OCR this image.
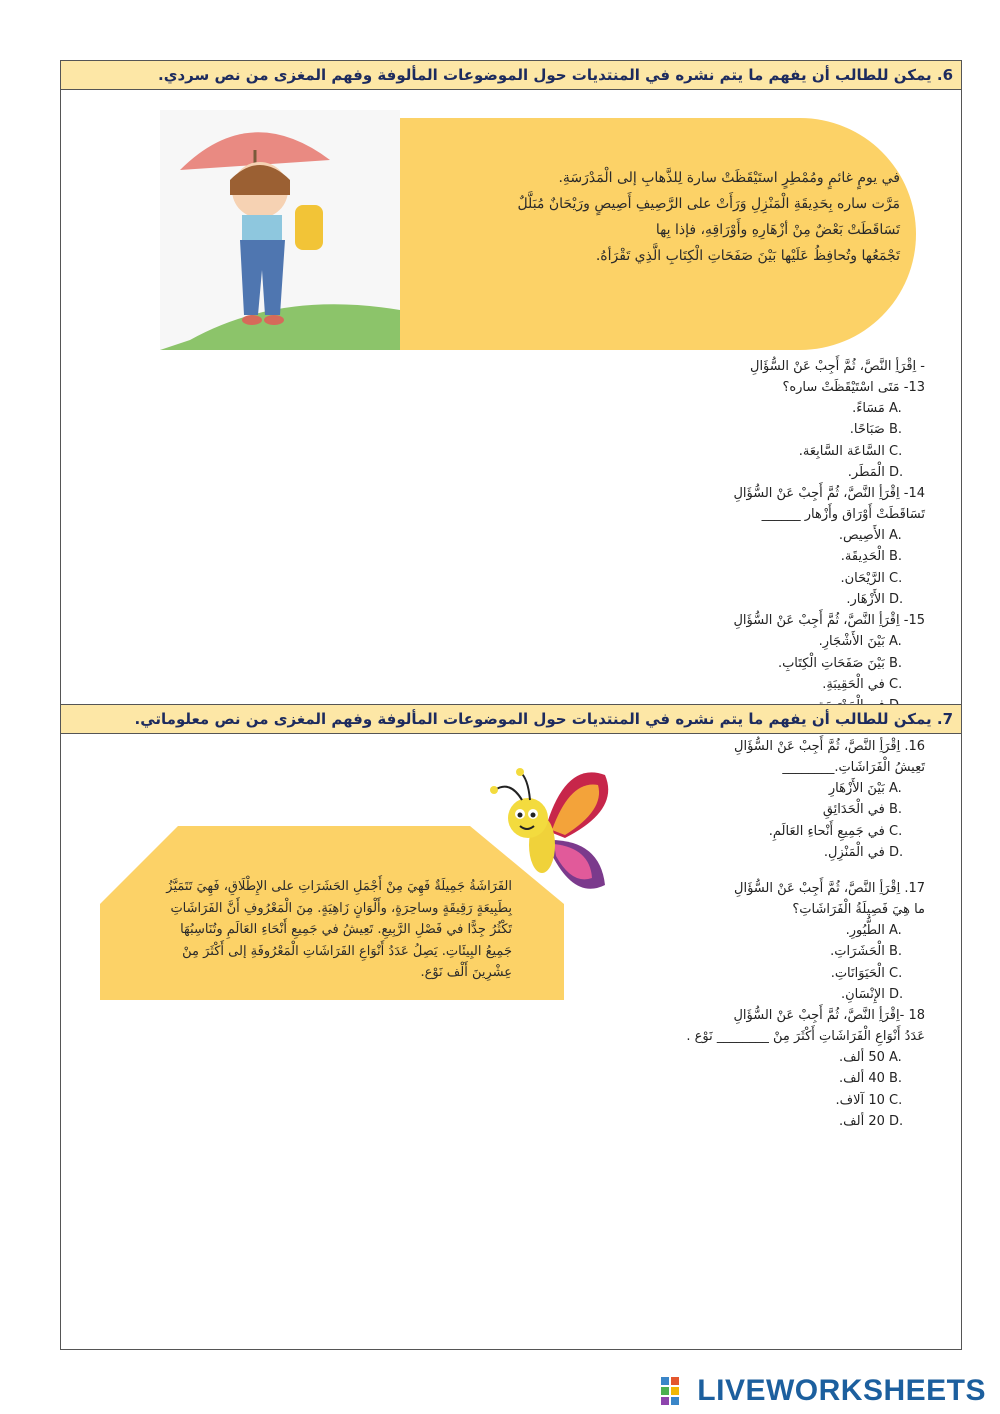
6. يمكن للطالب أن يفهم ما يتم نشره في المنتديات حول الموضوعات المألوفة وفهم المغزى من نص سردي.
في يومٍ غائمٍ ومُمْطِرٍ استَيْقَظَتْ سارة لِلذَّهابِ إلى الْمَدْرَسَةِ.
مَرَّت ساره بِحَدِيقَةِ الْمَنْزِلِ وَرَأَتْ على الرَّصِيفِ أَصِيصٍ ورَيْحَانٌ مُبَلَّلٌ
تَسَاقَطَتْ بَعْضٌ مِنْ أزْهَارِهِ وأَوْرَاقِهِ، فإذا بِها
تَجْمَعُها وتُحافِظُ عَلَيْها بَيْنَ صَفَحَاتِ الْكِتَابِ الَّذِي تَقْرَأهُ.
- اِقْرَأِ النَّصَّ، ثُمَّ أَجِبْ عَنْ السُّؤَالِ
13- مَتَى اسْتَيْقَظَتْ ساره؟
A. مَسَاءً.
B. صَبَاحًا.
C. السَّاعَة السَّابِعَة.
D. الْمَطَر.
14- اِقْرَأِ النَّصَّ، ثُمَّ أَجِبْ عَنْ السُّؤَالِ
تَسَاقَطَتْ أَوْرَاق وأَزْهار ______
A. الأَصِيص.
B. الْحَدِيقَة.
C. الرَّيْحَان.
D. الأَزْهَار.
15- اِقْرَأِ النَّصَّ، ثُمَّ أَجِبْ عَنْ السُّؤَالِ
A. بَيْنَ الأَشْجَارِ.
B. بَيْنَ صَفَحَاتِ الْكِتَابِ.
C. في الْحَقِيبَةِ.
7. يمكن للطالب أن يفهم ما يتم نشره في المنتديات حول الموضوعات المألوفة وفهم المغزى من نص معلوماتي.
الفَرَاشَةُ جَمِيلَةٌ فَهِيَ مِنْ أَجْمَلِ الحَشَرَاتِ على الإِطْلَاقِ، فَهِيَ تَتَمَيَّزُ
بِطَبِيعَةٍ رَقِيقَةٍ وساحِرَةٍ، وأَلْوَانٍ زَاهِيَةٍ. مِنَ الْمَعْرُوفِ أَنَّ الفَرَاشَاتِ
تَكْثُرُ جِدًّا في فَصْلِ الرَّبِيعِ. تَعِيشُ في جَمِيعِ أَنْحَاءِ العَالَمِ وتُنَاسِبُهَا
جَمِيعُ البِيئَاتِ. يَصِلُ عَدَدُ أَنْوَاعِ الفَرَاشَاتِ الْمَعْرُوفَةِ إلى أَكْثَرَ مِنْ
عِشْرِينَ أَلْف نَوْع.
16. اِقْرَأِ النَّصَّ، ثُمَّ أَجِبْ عَنْ السُّؤَالِ
تَعِيشُ الْفَرَاشَاتِ.________
A. بَيْنَ الأَزْهَارِ
B. في الْحَدَائِقِ
C. في جَمِيعِ أَنْحاءِ العَالَمِ.
D. في الْمَنْزِلِ.
17. اِقْرَأِ النَّصَّ، ثُمَّ أَجِبْ عَنْ السُّؤَالِ
ما هِيَ فَصِيلَةُ الْفَرَاشَاتِ؟
A. الطُّيُورِ.
B. الْحَشَرَاتِ.
C. الْحَيَوَانَاتِ.
D. الإِنْسَانِ.
18 -اِقْرَأِ النَّصَّ، ثُمَّ أَجِبْ عَنْ السُّؤَالِ
عَدَدُ أَنْوَاعِ الْفَرَاشَاتِ أَكْثَرَ مِنْ ________ نَوْع .
A. 50 ألف.
B. 40 ألف.
C. 10 آلاف.
D. 20 ألف.
LIVEWORKSHEETS
